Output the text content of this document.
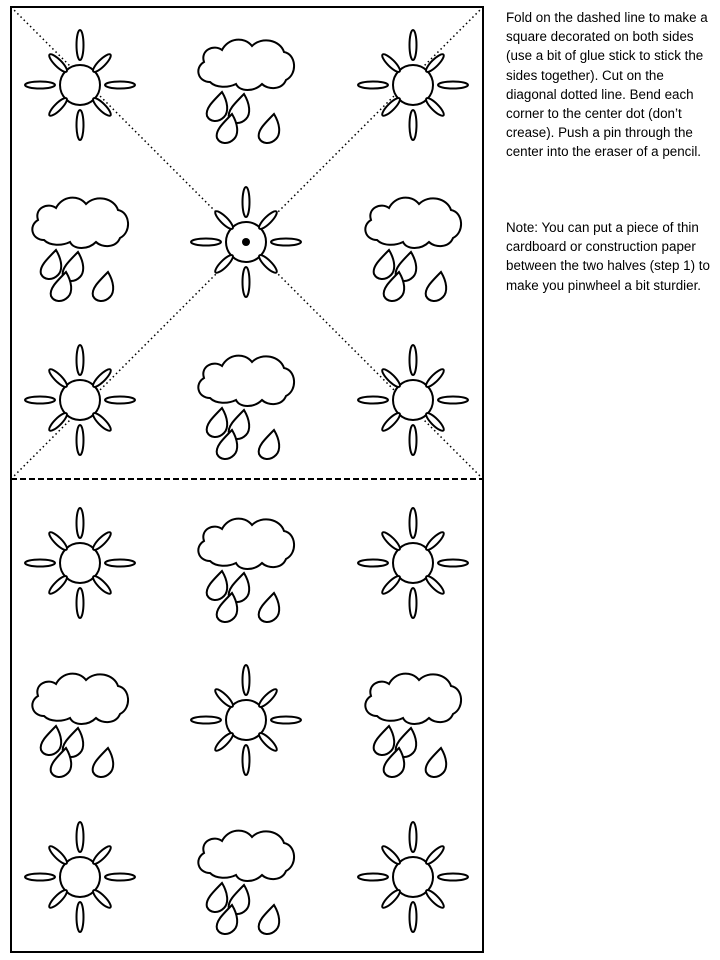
Fold on the dashed line to make a square decorated on both sides (use a bit of glue stick to stick the sides together). Cut on the diagonal dotted line. Bend each corner to the center dot (don’t crease). Push a pin through the center into the eraser of a pencil.
Note: You can put a piece of thin cardboard or construction paper between the two halves (step 1) to make you pinwheel a bit sturdier.
